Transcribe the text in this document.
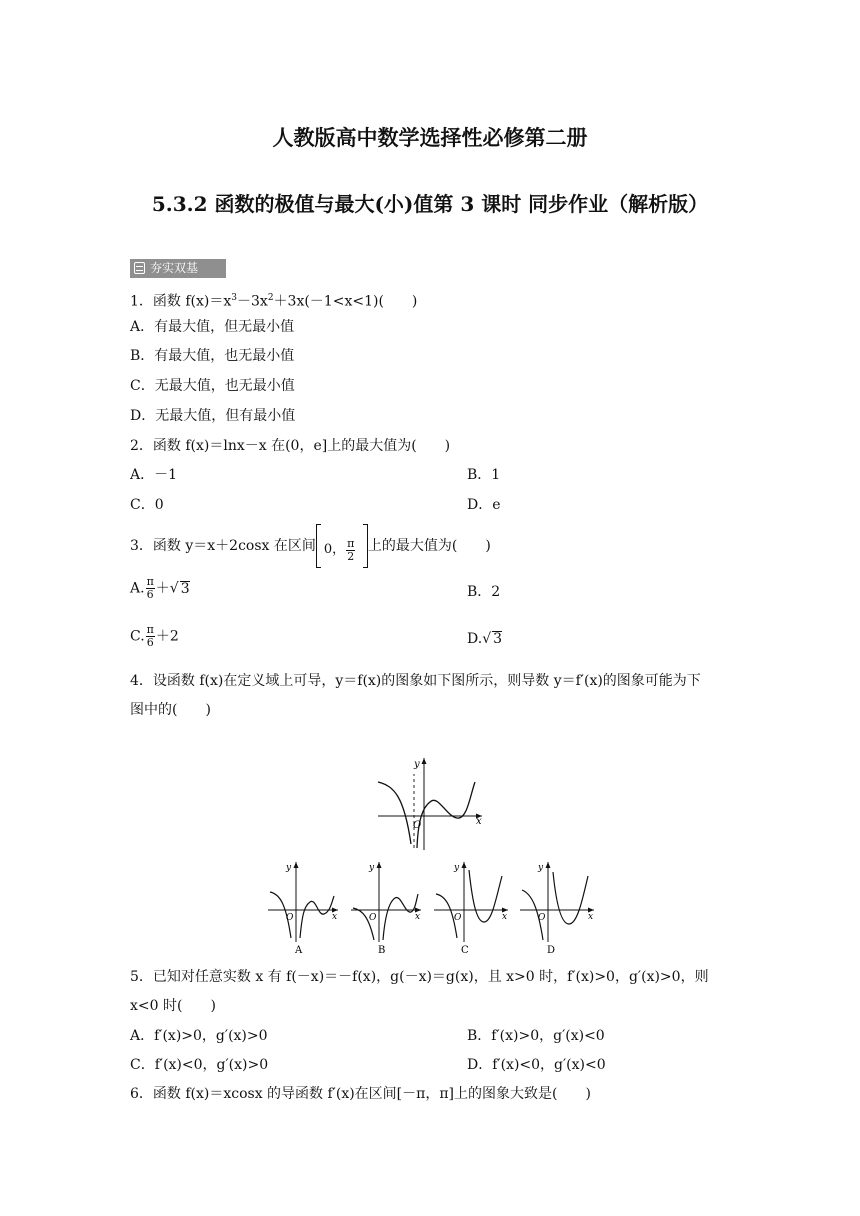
人教版高中数学选择性必修第二册
5.3.2 函数的极值与最大(小)值第 3 课时 同步作业（解析版）
夯实双基
1．函数 $f(x)=x^3-3x^2+3x(-1<x<1)$(　　)
A．有最大值，但无最小值
B．有最大值，也无最小值
C．无最大值，也无最小值
D．无最大值，但有最小值
2．函数 f(x)＝lnx－x 在(0，e]上的最大值为(　　)
A．－1	B．1
C．0	D．e
3．函数 y＝x＋2cosx 在区间 0， $\frac{\pi}{2}$ 上的最大值为(　　)
A. $\frac{\pi}{6}$ ＋√ 3	B．2
C. $\frac{\pi}{6} +2$	D.√ 3
4．设函数 f(x)在定义域上可导，y＝f(x)的图象如下图所示，则导数 y＝f′(x)的图象可能为下
图中的(　　)
y
x
O
y
x
O
A
y
x
O
B
y
x
O
C
y
x
O
D
5．已知对任意实数 x 有 f(－x)＝－f(x)，g(－x)＝g(x)，且 x>0 时，f′(x)>0，g′(x)>0，则
x<0 时(　　)
A．f′(x)>0，g′(x)>0	B．f′(x)>0，g′(x)<0
C．f′(x)<0，g′(x)>0	D．f′(x)<0，g′(x)<0
6．函数 f(x)＝xcosx 的导函数 f′(x)在区间[－π，π]上的图象大致是(　　)
